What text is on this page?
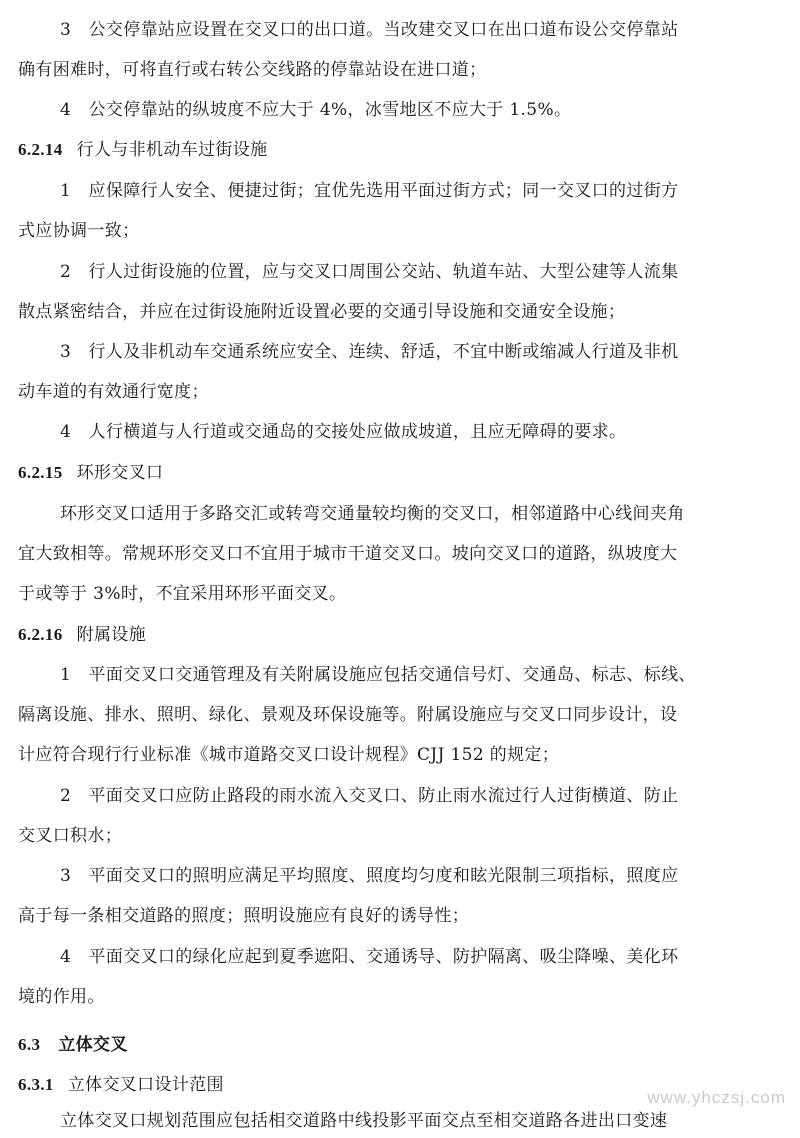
3　公交停靠站应设置在交叉口的出口道。当改建交叉口在出口道布设公交停靠站
确有困难时，可将直行或右转公交线路的停靠站设在进口道；
4　公交停靠站的纵坡度不应大于 4%，冰雪地区不应大于 1.5%。
6.2.14 行人与非机动车过街设施
1　应保障行人安全、便捷过街；宜优先选用平面过街方式；同一交叉口的过街方
式应协调一致；
2　行人过街设施的位置，应与交叉口周围公交站、轨道车站、大型公建等人流集
散点紧密结合，并应在过街设施附近设置必要的交通引导设施和交通安全设施；
3　行人及非机动车交通系统应安全、连续、舒适，不宜中断或缩减人行道及非机
动车道的有效通行宽度；
4　人行横道与人行道或交通岛的交接处应做成坡道，且应无障碍的要求。
6.2.15 环形交叉口
环形交叉口适用于多路交汇或转弯交通量较均衡的交叉口，相邻道路中心线间夹角
宜大致相等。常规环形交叉口不宜用于城市干道交叉口。坡向交叉口的道路，纵坡度大
于或等于 3%时，不宜采用环形平面交叉。
6.2.16 附属设施
1　平面交叉口交通管理及有关附属设施应包括交通信号灯、交通岛、标志、标线、
隔离设施、排水、照明、绿化、景观及环保设施等。附属设施应与交叉口同步设计，设
计应符合现行行业标准《城市道路交叉口设计规程》CJJ 152 的规定；
2　平面交叉口应防止路段的雨水流入交叉口、防止雨水流过行人过街横道、防止
交叉口积水；
3　平面交叉口的照明应满足平均照度、照度均匀度和眩光限制三项指标，照度应
高于每一条相交道路的照度；照明设施应有良好的诱导性；
4　平面交叉口的绿化应起到夏季遮阳、交通诱导、防护隔离、吸尘降噪、美化环
境的作用。
6.3 立体交叉
6.3.1 立体交叉口设计范围
立体交叉口规划范围应包括相交道路中线投影平面交点至相交道路各进出口变速
www.yhczsj.com
